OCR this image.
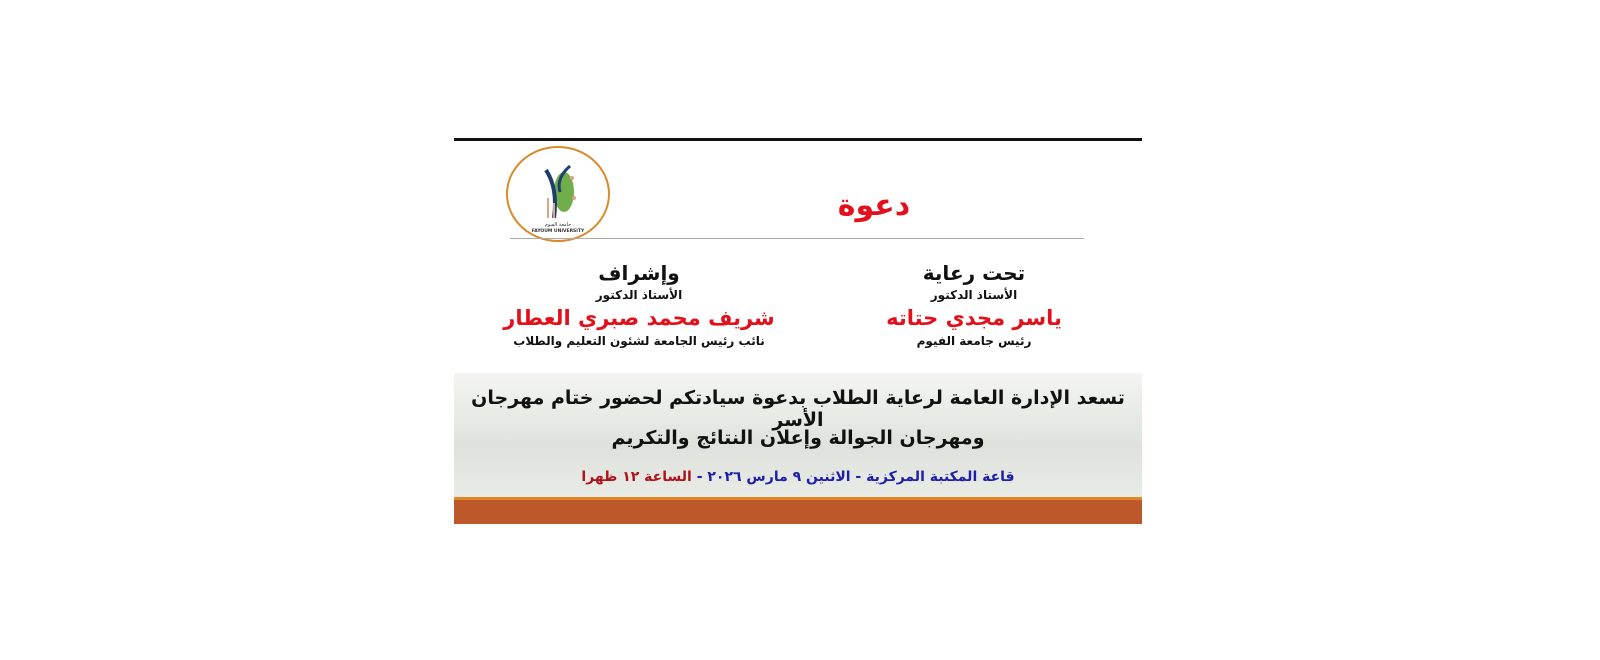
جامعة الفيوم
FAYOUM UNIVERSITY
دعوة
تحت رعاية
الأستاذ الدكتور
ياسر مجدي حتاته
رئيس جامعة الفيوم
وإشراف
الأستاذ الدكتور
شريف محمد صبري العطار
نائب رئيس الجامعة لشئون التعليم والطلاب
تسعد الإدارة العامة لرعاية الطلاب بدعوة سيادتكم لحضور ختام مهرجان الأسر
ومهرجان الجوالة وإعلان النتائج والتكريم
قاعة المكتبة المركزية - الاثنين ٩ مارس ٢٠٢٦ - الساعة ١٢ ظهرا
